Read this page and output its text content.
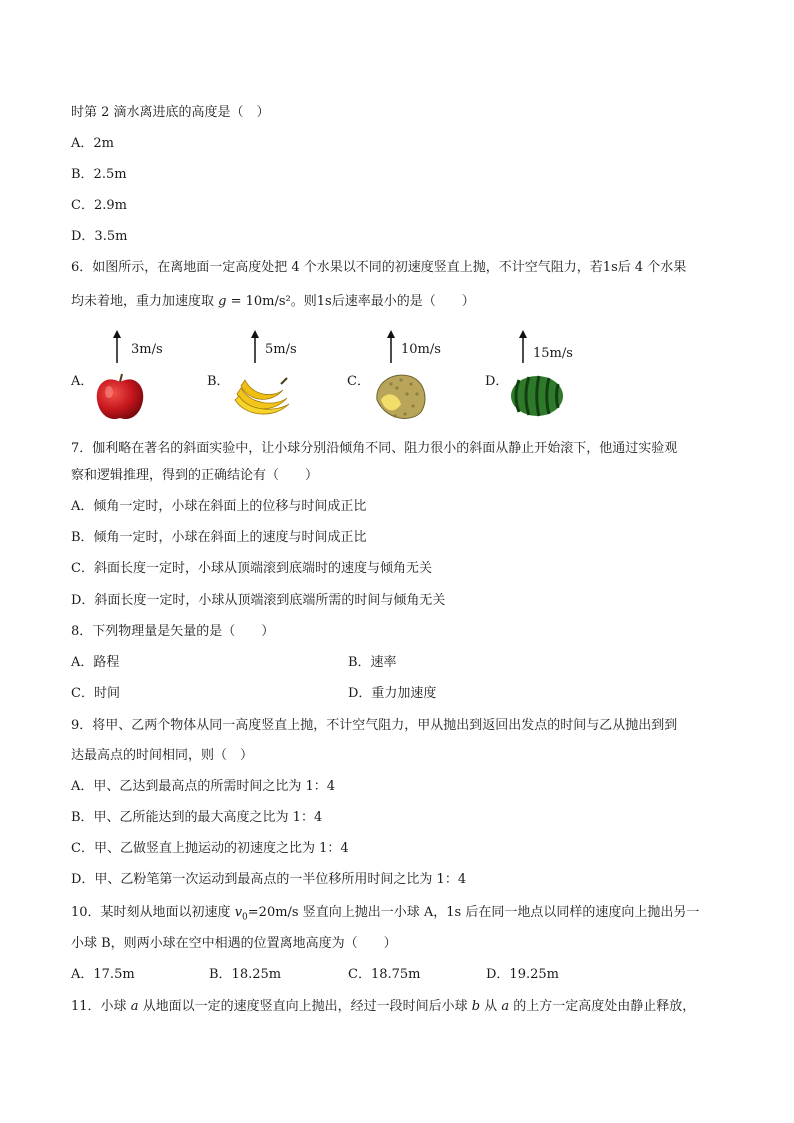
时第 2 滴水离进底的高度是（　）
A．2m
B．2.5m
C．2.9m
D．3.5m
6．如图所示，在离地面一定高度处把 4 个水果以不同的初速度竖直上抛，不计空气阻力，若1s后 4 个水果
均未着地，重力加速度取 g = 10m/s²。则1s后速率最小的是（　　）
A．
3m/s
B．
5m/s
C．
10m/s
D．
15m/s
7．伽利略在著名的斜面实验中，让小球分别沿倾角不同、阻力很小的斜面从静止开始滚下，他通过实验观
察和逻辑推理，得到的正确结论有（　　）
A．倾角一定时，小球在斜面上的位移与时间成正比
B．倾角一定时，小球在斜面上的速度与时间成正比
C．斜面长度一定时，小球从顶端滚到底端时的速度与倾角无关
D．斜面长度一定时，小球从顶端滚到底端所需的时间与倾角无关
8．下列物理量是矢量的是（　　）
A．路程	B．速率
C．时间	D．重力加速度
9．将甲、乙两个物体从同一高度竖直上抛，不计空气阻力，甲从抛出到返回出发点的时间与乙从抛出到到
达最高点的时间相同，则（　）
A．甲、乙达到最高点的所需时间之比为 1：4
B．甲、乙所能达到的最大高度之比为 1：4
C．甲、乙做竖直上抛运动的初速度之比为 1：4
D．甲、乙粉笔第一次运动到最高点的一半位移所用时间之比为 1：4
10．某时刻从地面以初速度 $v_0=20m/s$ 竖直向上抛出一小球 A，1s 后在同一地点以同样的速度向上抛出另一
小球 B，则两小球在空中相遇的位置离地高度为（　　）
A．17.5m	B．18.25m	C．18.75m	D．19.25m
11．小球 a 从地面以一定的速度竖直向上抛出，经过一段时间后小球 b 从 a 的上方一定高度处由静止释放，
